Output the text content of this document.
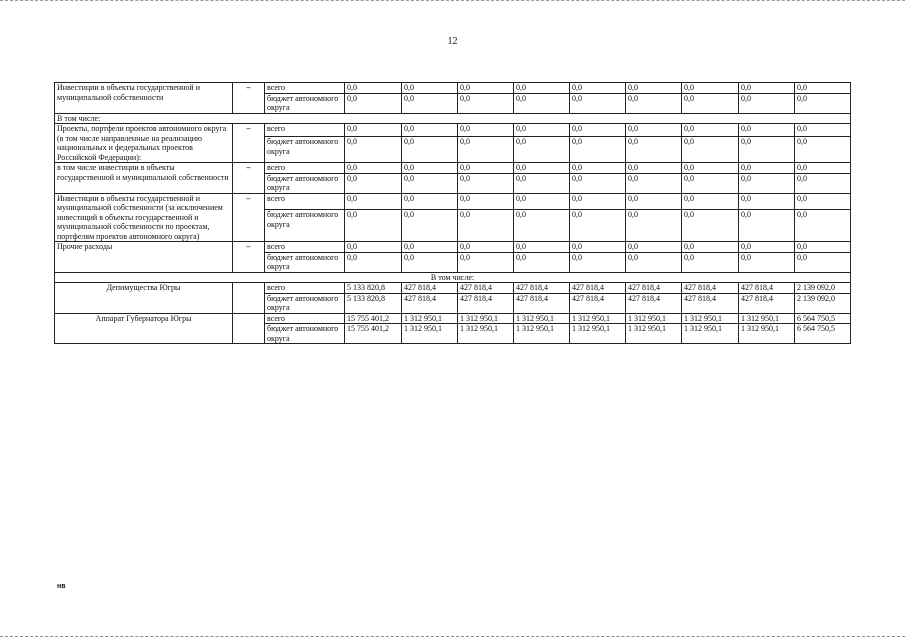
12
Инвестиции в объекты государственной и муниципальной собственности	–	всего	0,0	0,0	0,0	0,0	0,0	0,0	0,0	0,0	0,0
		бюджет автономного округа	0,0	0,0	0,0	0,0	0,0	0,0	0,0	0,0	0,0
В том числе:											
Проекты, портфели проектов автономного округа (в том числе направленные на реализацию национальных и федеральных проектов Российской Федерации):	–	всего	0,0	0,0	0,0	0,0	0,0	0,0	0,0	0,0	0,0
		бюджет автономного округа	0,0	0,0	0,0	0,0	0,0	0,0	0,0	0,0	0,0
в том числе инвестиции в объекты государственной и муниципальной собственности	–	всего	0,0	0,0	0,0	0,0	0,0	0,0	0,0	0,0	0,0
		бюджет автономного округа	0,0	0,0	0,0	0,0	0,0	0,0	0,0	0,0	0,0
Инвестиции в объекты государственной и муниципальной собственности (за исключением инвестиций в объекты государственной и муниципальной собственности по проектам, портфелям проектов автономного округа)	–	всего	0,0	0,0	0,0	0,0	0,0	0,0	0,0	0,0	0,0
		бюджет автономного округа	0,0	0,0	0,0	0,0	0,0	0,0	0,0	0,0	0,0
Прочие расходы	–	всего	0,0	0,0	0,0	0,0	0,0	0,0	0,0	0,0	0,0
		бюджет автономного округа	0,0	0,0	0,0	0,0	0,0	0,0	0,0	0,0	0,0
В том числе:											
Депимущества Югры		всего	5 133 820,8	427 818,4	427 818,4	427 818,4	427 818,4	427 818,4	427 818,4	427 818,4	2 139 092,0
		бюджет автономного округа	5 133 820,8	427 818,4	427 818,4	427 818,4	427 818,4	427 818,4	427 818,4	427 818,4	2 139 092,0
Аппарат Губернатора Югры		всего	15 755 401,2	1 312 950,1	1 312 950,1	1 312 950,1	1 312 950,1	1 312 950,1	1 312 950,1	1 312 950,1	6 564 750,5
		бюджет автономного округа	15 755 401,2	1 312 950,1	1 312 950,1	1 312 950,1	1 312 950,1	1 312 950,1	1 312 950,1	1 312 950,1	6 564 750,5
нв
